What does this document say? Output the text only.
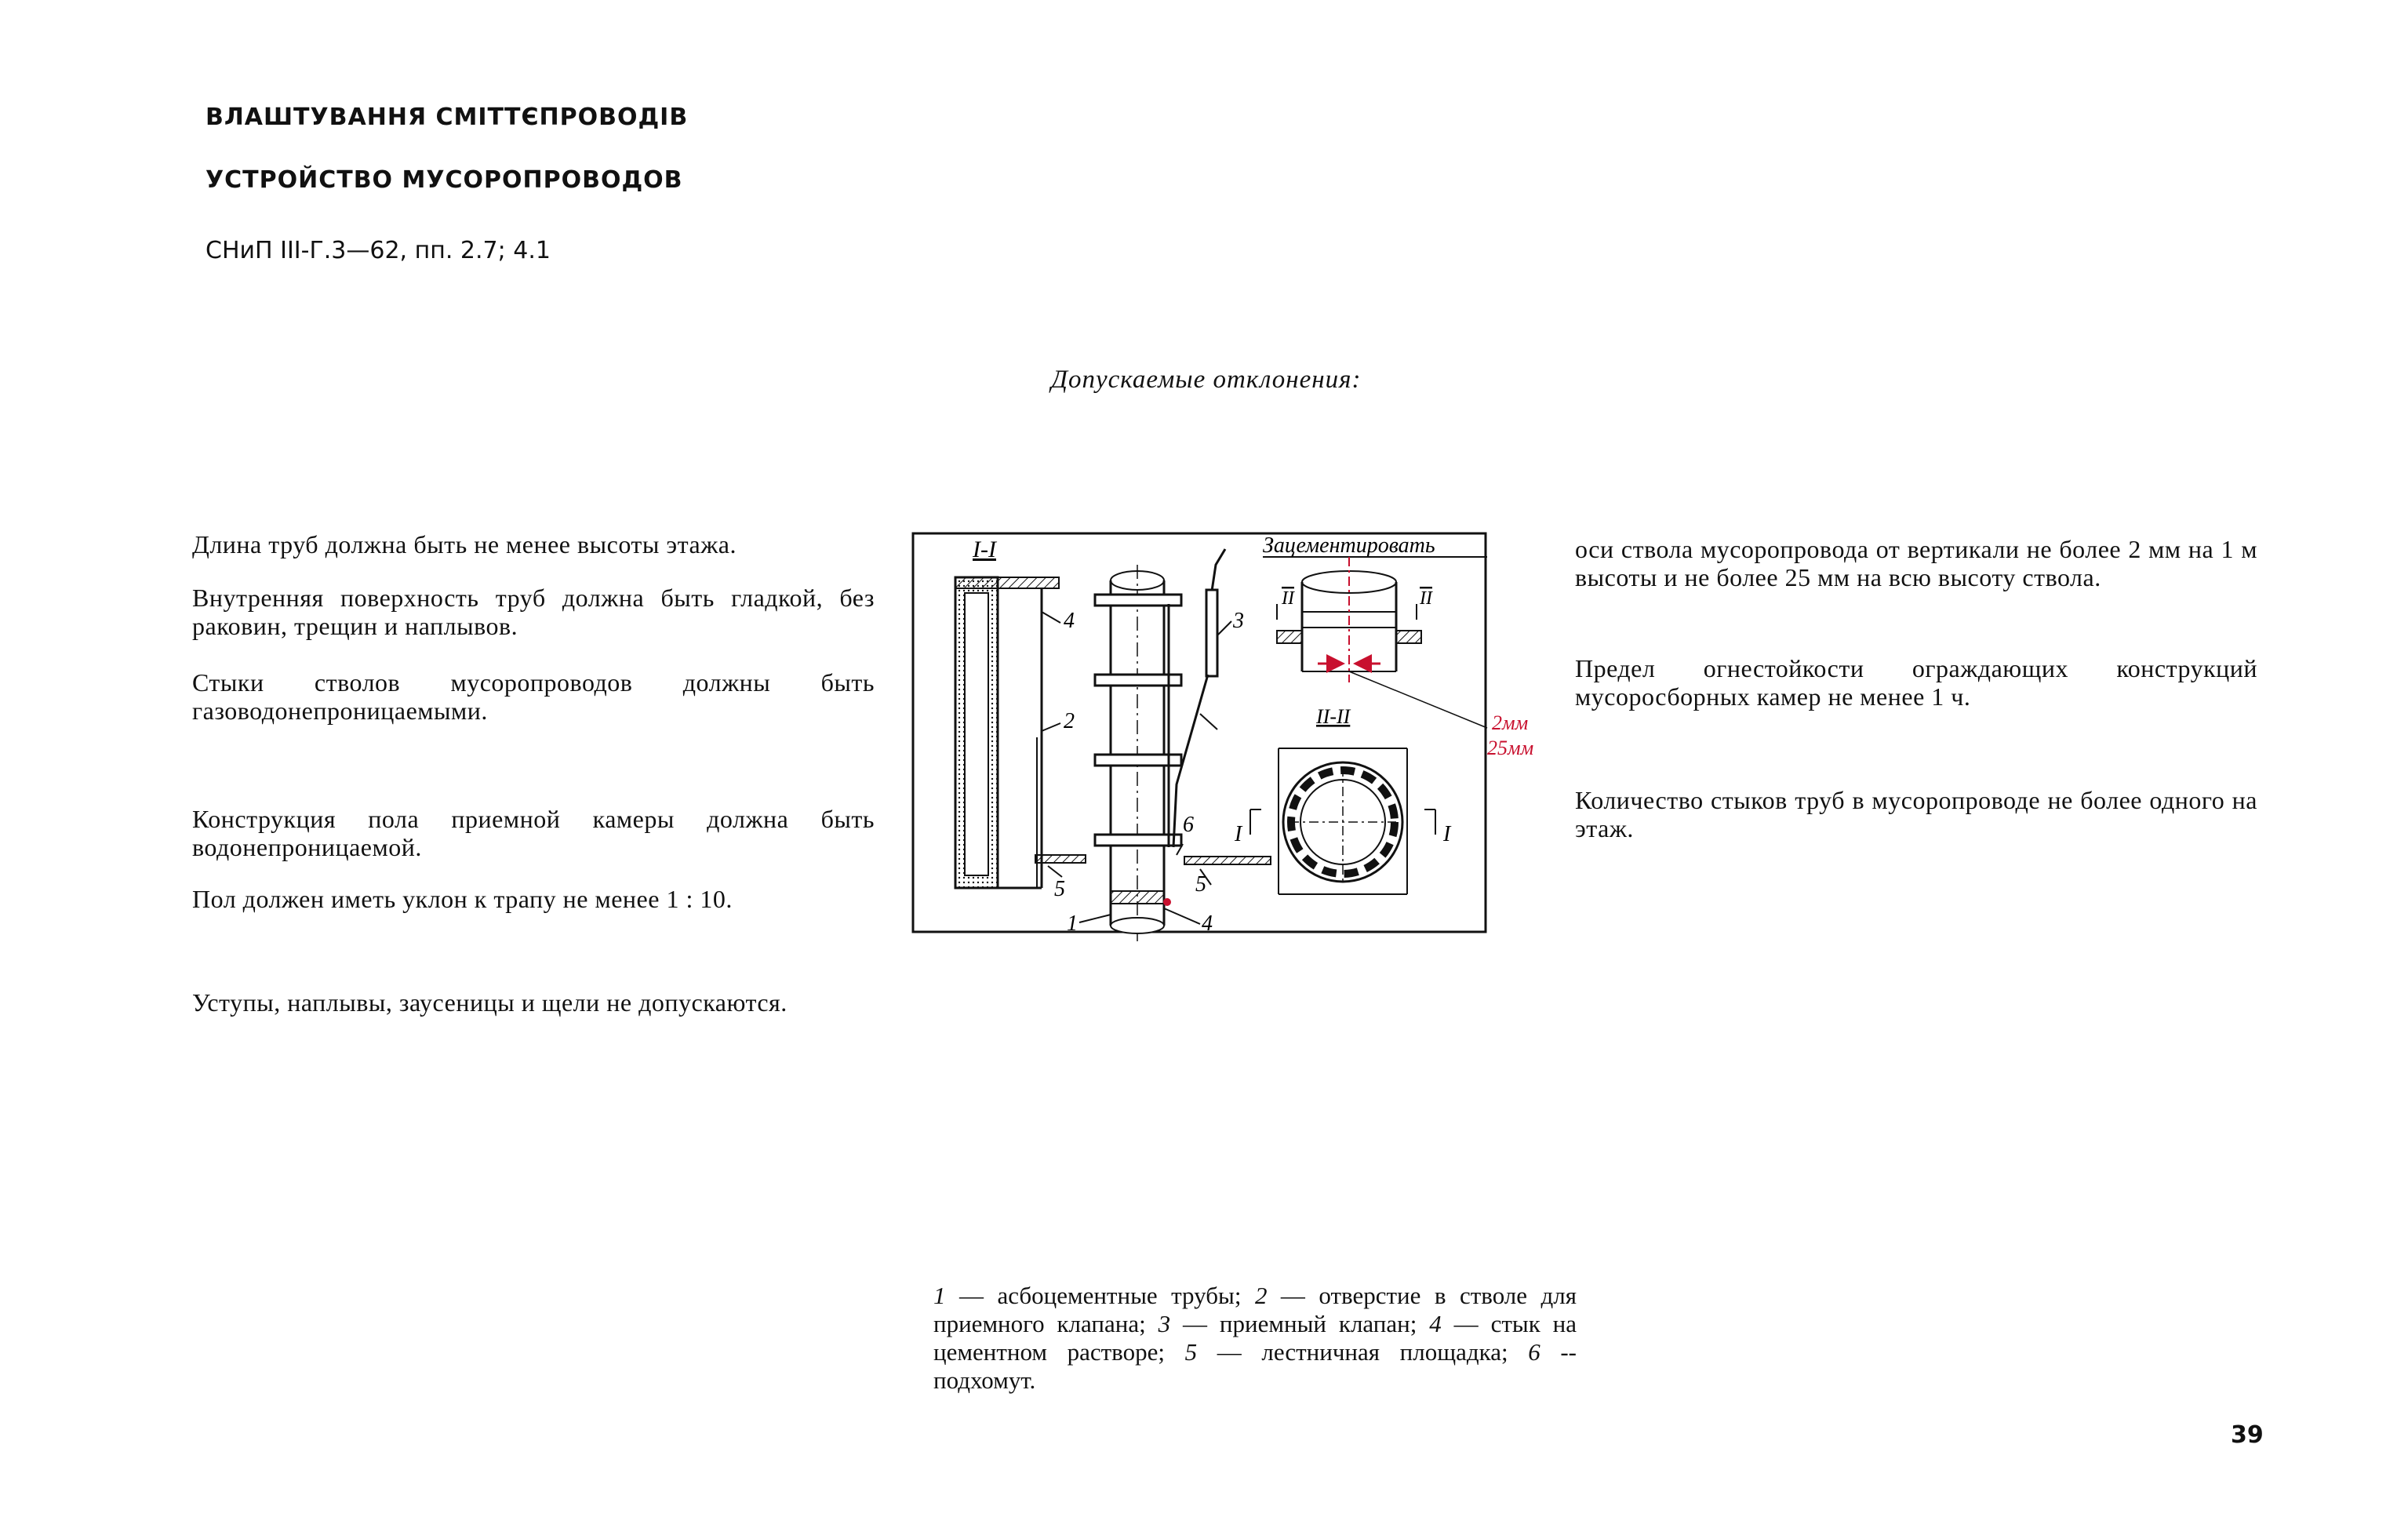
ВЛАШТУВАННЯ СМІТТЄПРОВОДІВ
УСТРОЙСТВО МУСОРОПРОВОДОВ
СНиП III-Г.3—62, пп. 2.7; 4.1
Допускаемые отклонения:

Длина труб должна быть не менее высоты этажа.

Внутренняя поверхность труб должна быть гладкой, без раковин, трещин и наплывов.

Стыки стволов мусоропроводов должны быть газоводонепроницаемыми.

Конструкция пола приемной камеры должна быть водонепроницаемой.

Пол должен иметь уклон к трапу не менее 1 : 10.

Уступы, наплывы, заусеницы и щели не допускаются.

оси ствола мусоропровода от вертикали не более 2 мм на 1 м высоты и не более 25 мм на всю высоту ствола.

Предел огнестойкости ограждающих конструкций мусоросборных камер не менее 1 ч.

Количество стыков труб в мусоропроводе не более одного на этаж.

I-I
4
2
3
6
5
5
1	4
Зацементировать
II	II
2мм
25мм
II-II
I	I
1 — асбоцементные трубы; 2 — отверстие в стволе для приемного клапана; 3 — приемный клапан; 4 — стык на цементном растворе; 5 — лестничная площадка; 6 -- подхомут.
39
